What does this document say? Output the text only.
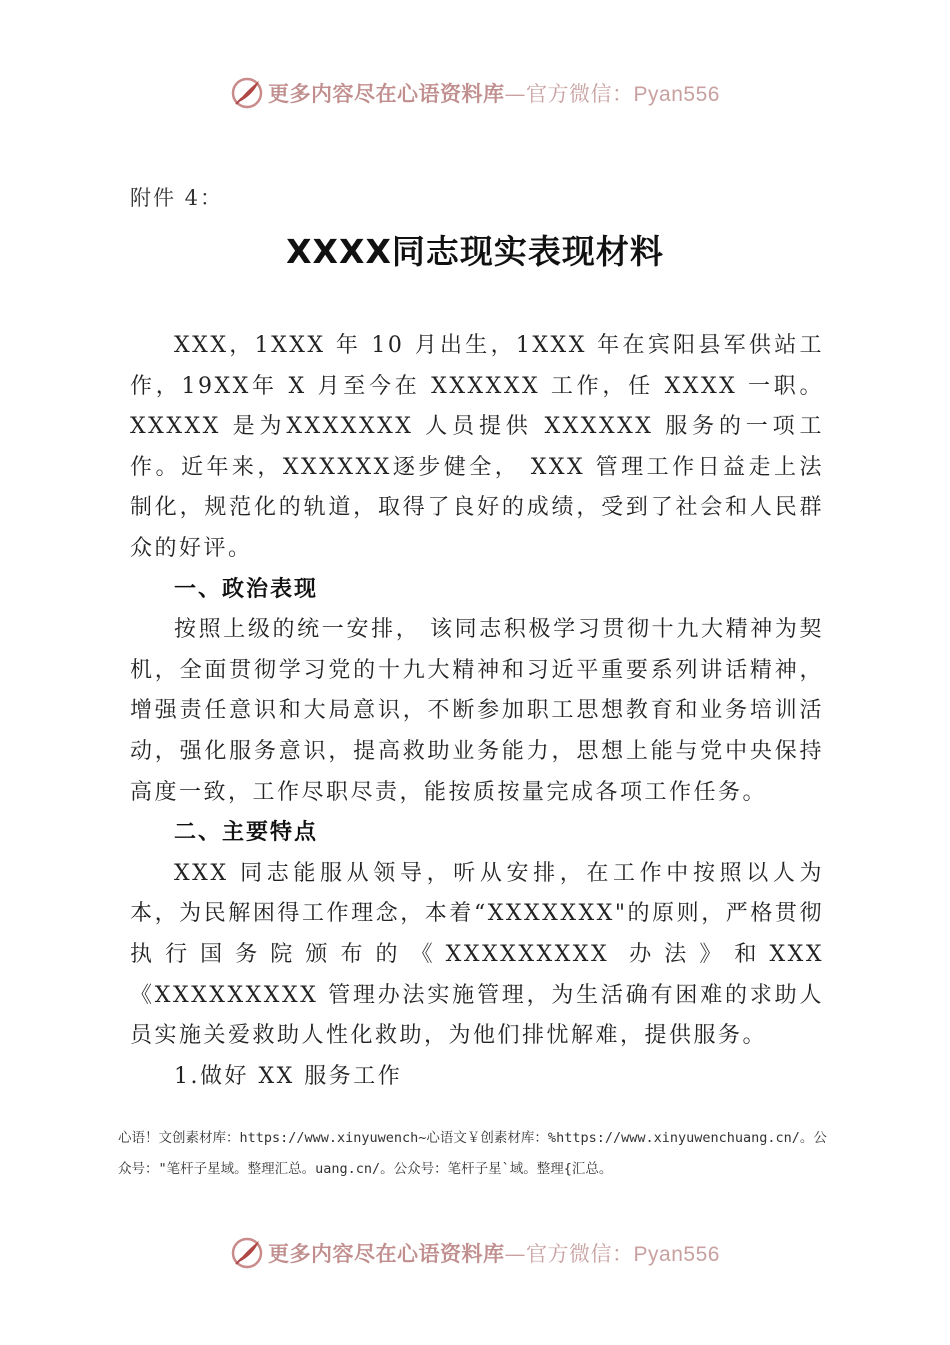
更多内容尽在心语资料库—官方微信：Pyan556
附件 4：
XXXX同志现实表现材料

XXX，1XXX 年 10 月出生，1XXX 年在宾阳县军供站工作，19XX年 X 月至今在 XXXXXX 工作，任 XXXX 一职。XXXXX 是为XXXXXXX 人员提供 XXXXXX 服务的一项工作。近年来，XXXXXX逐步健全， XXX 管理工作日益走上法制化，规范化的轨道，取得了良好的成绩，受到了社会和人民群众的好评。

一、政治表现

按照上级的统一安排， 该同志积极学习贯彻十九大精神为契机，全面贯彻学习党的十九大精神和习近平重要系列讲话精神，增强责任意识和大局意识，不断参加职工思想教育和业务培训活动，强化服务意识，提高救助业务能力，思想上能与党中央保持高度一致，工作尽职尽责，能按质按量完成各项工作任务。

二、主要特点

XXX 同志能服从领导，听从安排，在工作中按照以人为本，为民解困得工作理念，本着“XXXXXXX"的原则，严格贯彻执行国务院颁布的《XXXXXXXXX 办法》和XXX《XXXXXXXXX 管理办法实施管理，为生活确有困难的求助人员实施关爱救助人性化救助，为他们排忧解难，提供服务。

1.做好 XX 服务工作

心语！文创素材库：https://www.xinyuwench~心语文￥创素材库：%https://www.xinyuwenchuang.cn/。公众号："笔杆子星域。整理汇总。uang.cn/。公众号：笔杆子星`域。整理{汇总。
更多内容尽在心语资料库—官方微信：Pyan556
